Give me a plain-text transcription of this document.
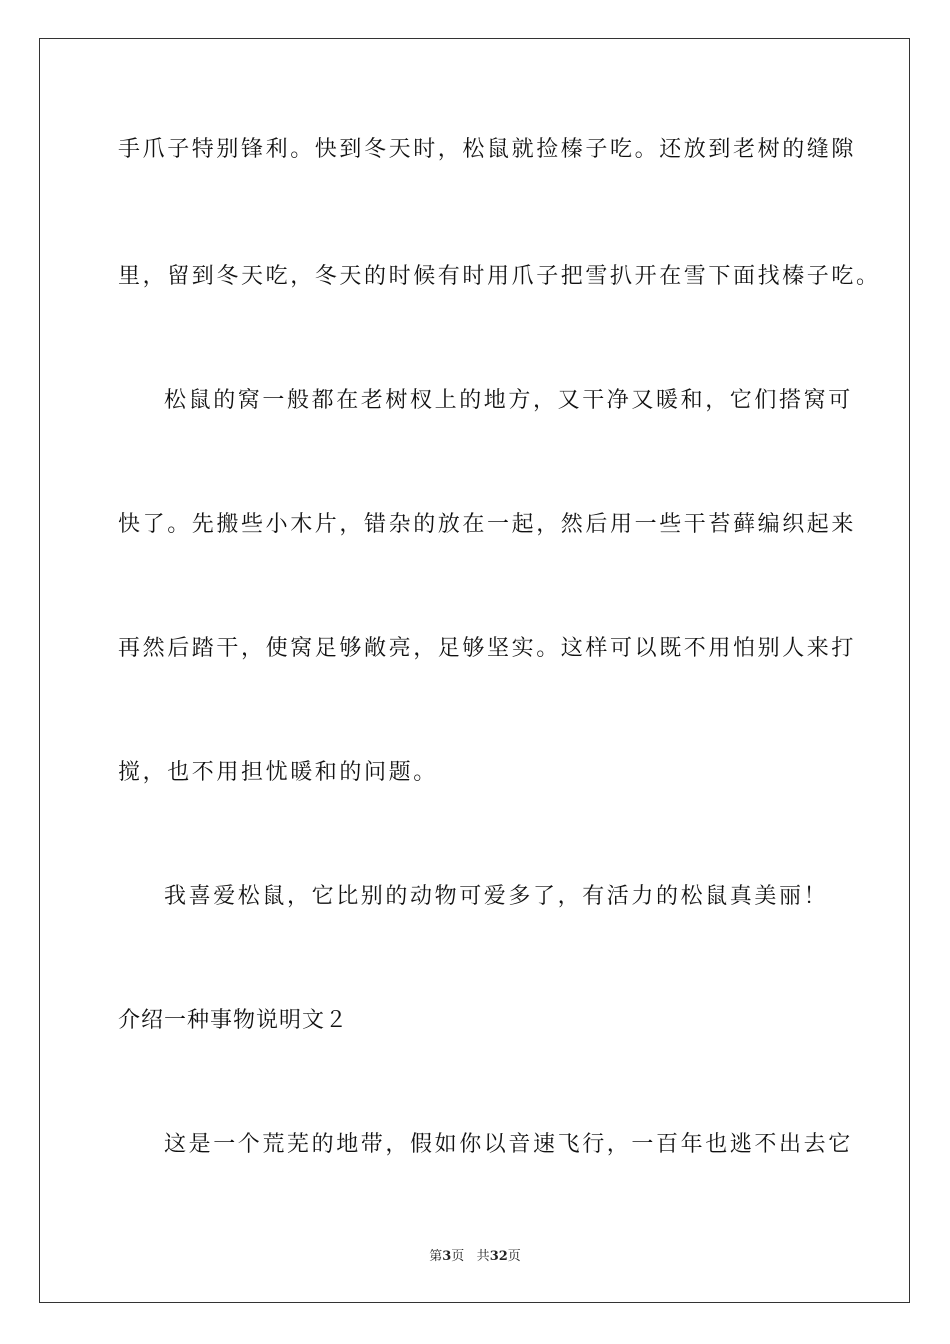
手爪子特别锋利。快到冬天时，松鼠就捡榛子吃。还放到老树的缝隙
里，留到冬天吃，冬天的时候有时用爪子把雪扒开在雪下面找榛子吃。
松鼠的窝一般都在老树杈上的地方，又干净又暖和，它们搭窝可
快了。先搬些小木片，错杂的放在一起，然后用一些干苔藓编织起来
再然后踏干，使窝足够敞亮，足够坚实。这样可以既不用怕别人来打
搅，也不用担忧暖和的问题。
我喜爱松鼠，它比别的动物可爱多了，有活力的松鼠真美丽！
介绍一种事物说明文２
这是一个荒芜的地带，假如你以音速飞行，一百年也逃不出去它
第3页 共32页
